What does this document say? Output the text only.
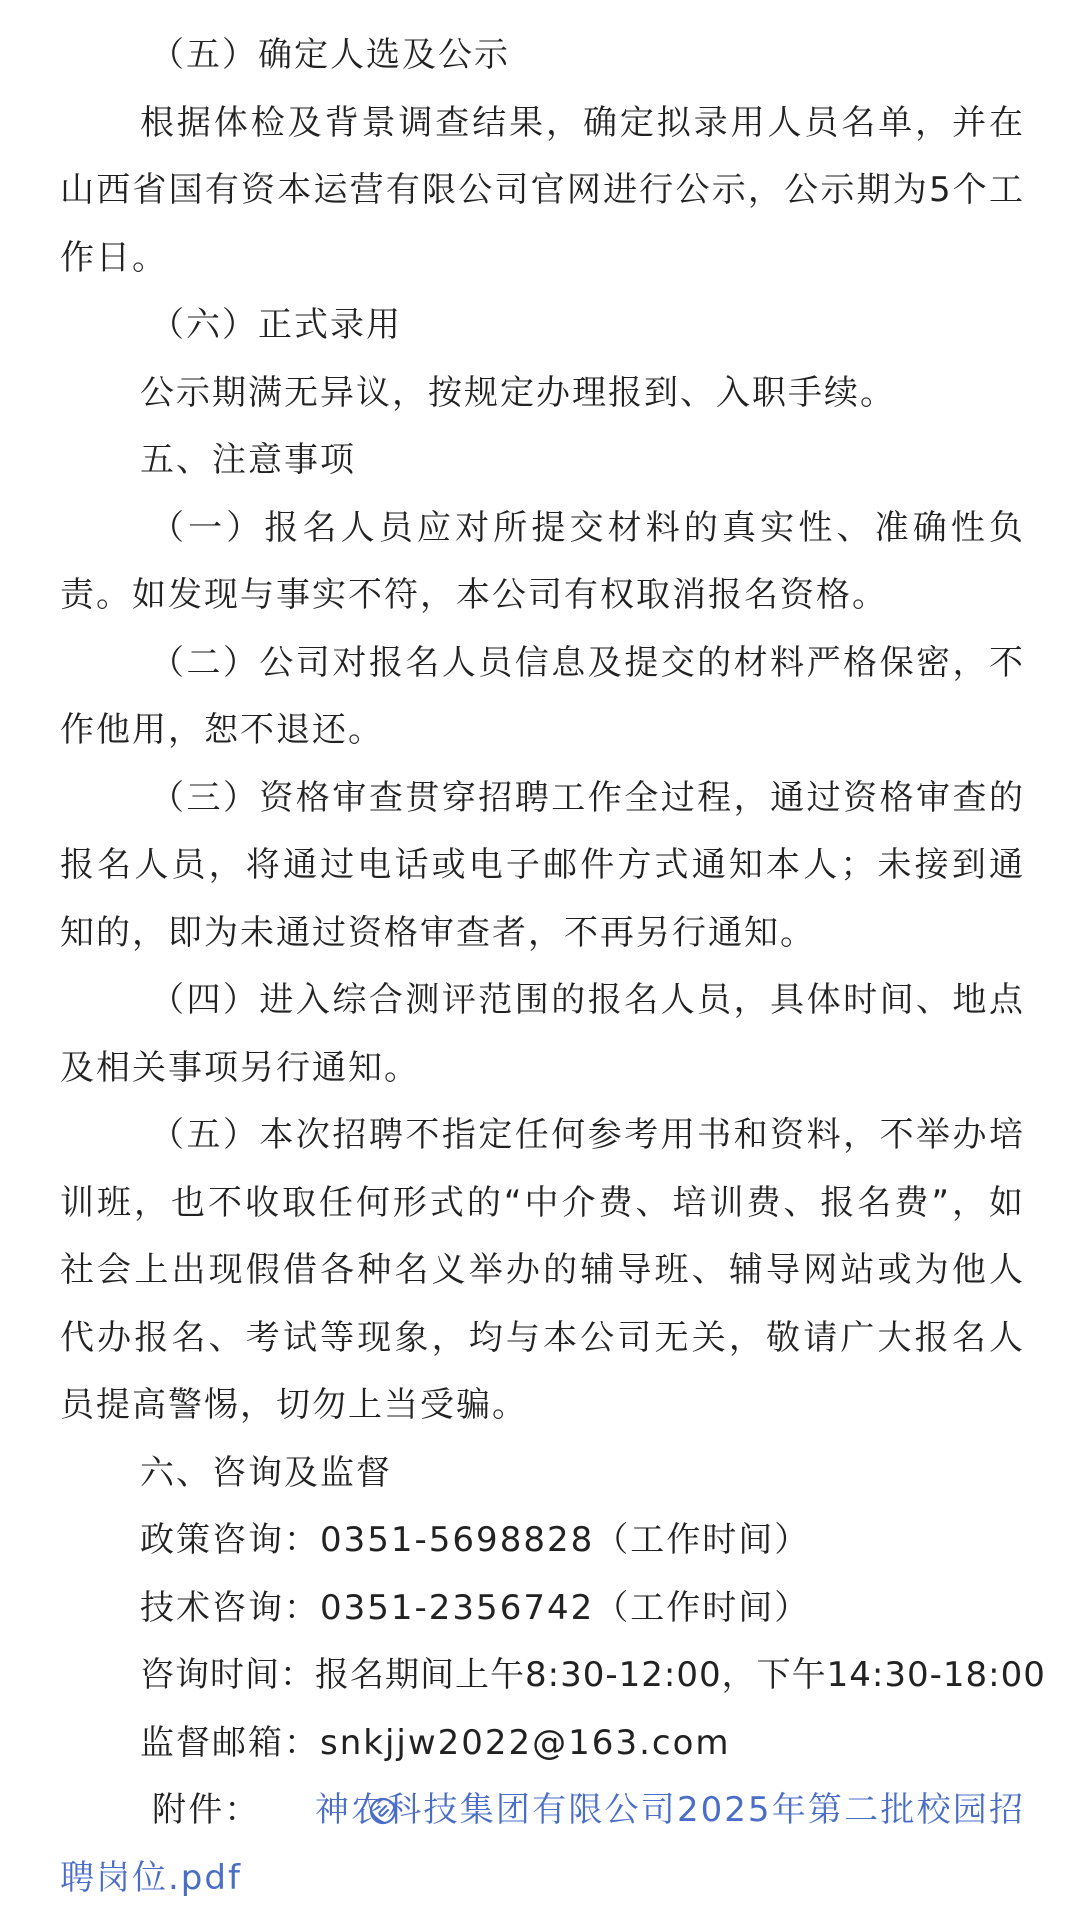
（五）确定人选及公示

根据体检及背景调查结果，确定拟录用人员名单，并在山西省国有资本运营有限公司官网进行公示，公示期为5个工作日。

（六）正式录用

公示期满无异议，按规定办理报到、入职手续。

五、注意事项

（一）报名人员应对所提交材料的真实性、准确性负责。如发现与事实不符，本公司有权取消报名资格。

（二）公司对报名人员信息及提交的材料严格保密，不作他用，恕不退还。

（三）资格审查贯穿招聘工作全过程，通过资格审查的报名人员，将通过电话或电子邮件方式通知本人；未接到通知的，即为未通过资格审查者，不再另行通知。

（四）进入综合测评范围的报名人员，具体时间、地点及相关事项另行通知。

（五）本次招聘不指定任何参考用书和资料，不举办培训班，也不收取任何形式的“中介费、培训费、报名费”，如社会上出现假借各种名义举办的辅导班、辅导网站或为他人代办报名、考试等现象，均与本公司无关，敬请广大报名人员提高警惕，切勿上当受骗。

六、咨询及监督

政策咨询：0351-5698828（工作时间）

技术咨询：0351-2356742（工作时间）

咨询时间：报名期间上午8:30-12:00，下午14:30-18:00

监督邮箱：snkjjw2022@163.com

附件： 神农科技集团有限公司2025年第二批校园招聘岗位.pdf
